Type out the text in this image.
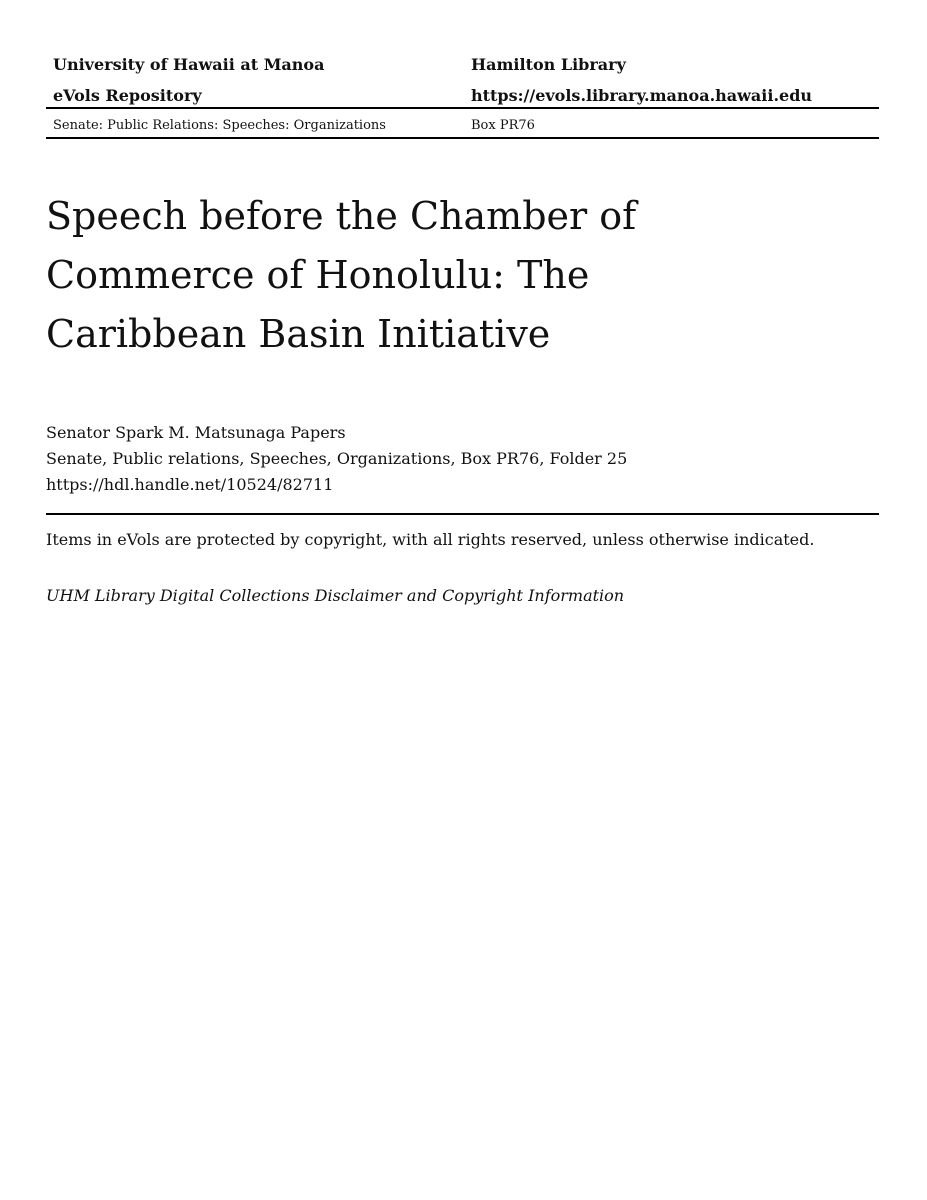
University of Hawaii at Manoa	Hamilton Library
eVols Repository	https://evols.library.manoa.hawaii.edu
Senate: Public Relations: Speeches: Organizations	Box PR76
Speech before the Chamber of
Commerce of Honolulu: The
Caribbean Basin Initiative
Senator Spark M. Matsunaga Papers
Senate, Public relations, Speeches, Organizations, Box PR76, Folder 25
https://hdl.handle.net/10524/82711
Items in eVols are protected by copyright, with all rights reserved, unless otherwise indicated.
UHM Library Digital Collections Disclaimer and Copyright Information
